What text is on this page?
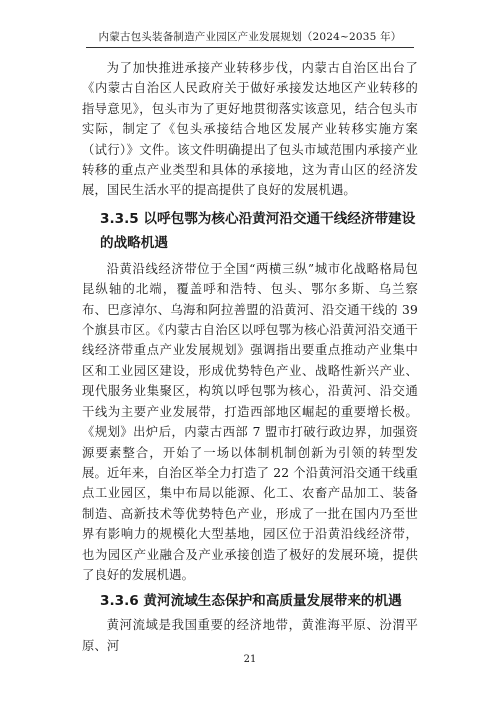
内蒙古包头装备制造产业园区产业发展规划（2024~2035 年）

为了加快推进承接产业转移步伐，内蒙古自治区出台了《内蒙古自治区人民政府关于做好承接发达地区产业转移的指导意见》，包头市为了更好地贯彻落实该意见，结合包头市实际，制定了《包头承接结合地区发展产业转移实施方案（试行）》文件。该文件明确提出了包头市域范围内承接产业转移的重点产业类型和具体的承接地，这为青山区的经济发展，国民生活水平的提高提供了良好的发展机遇。

3.3.5 以呼包鄂为核心沿黄河沿交通干线经济带建设的战略机遇

沿黄沿线经济带位于全国“两横三纵”城市化战略格局包昆纵轴的北端，覆盖呼和浩特、包头、鄂尔多斯、乌兰察布、巴彦淖尔、乌海和阿拉善盟的沿黄河、沿交通干线的 39 个旗县市区。《内蒙古自治区以呼包鄂为核心沿黄河沿交通干线经济带重点产业发展规划》强调指出要重点推动产业集中区和工业园区建设，形成优势特色产业、战略性新兴产业、现代服务业集聚区，构筑以呼包鄂为核心，沿黄河、沿交通干线为主要产业发展带，打造西部地区崛起的重要增长极。《规划》出炉后，内蒙古西部 7 盟市打破行政边界，加强资源要素整合，开始了一场以体制机制创新为引领的转型发展。近年来，自治区举全力打造了 22 个沿黄河沿交通干线重点工业园区，集中布局以能源、化工、农畜产品加工、装备制造、高新技术等优势特色产业，形成了一批在国内乃至世界有影响力的规模化大型基地，园区位于沿黄沿线经济带，也为园区产业融合及产业承接创造了极好的发展环境，提供了良好的发展机遇。

3.3.6 黄河流域生态保护和高质量发展带来的机遇

黄河流域是我国重要的经济地带，黄淮海平原、汾渭平原、河

21
